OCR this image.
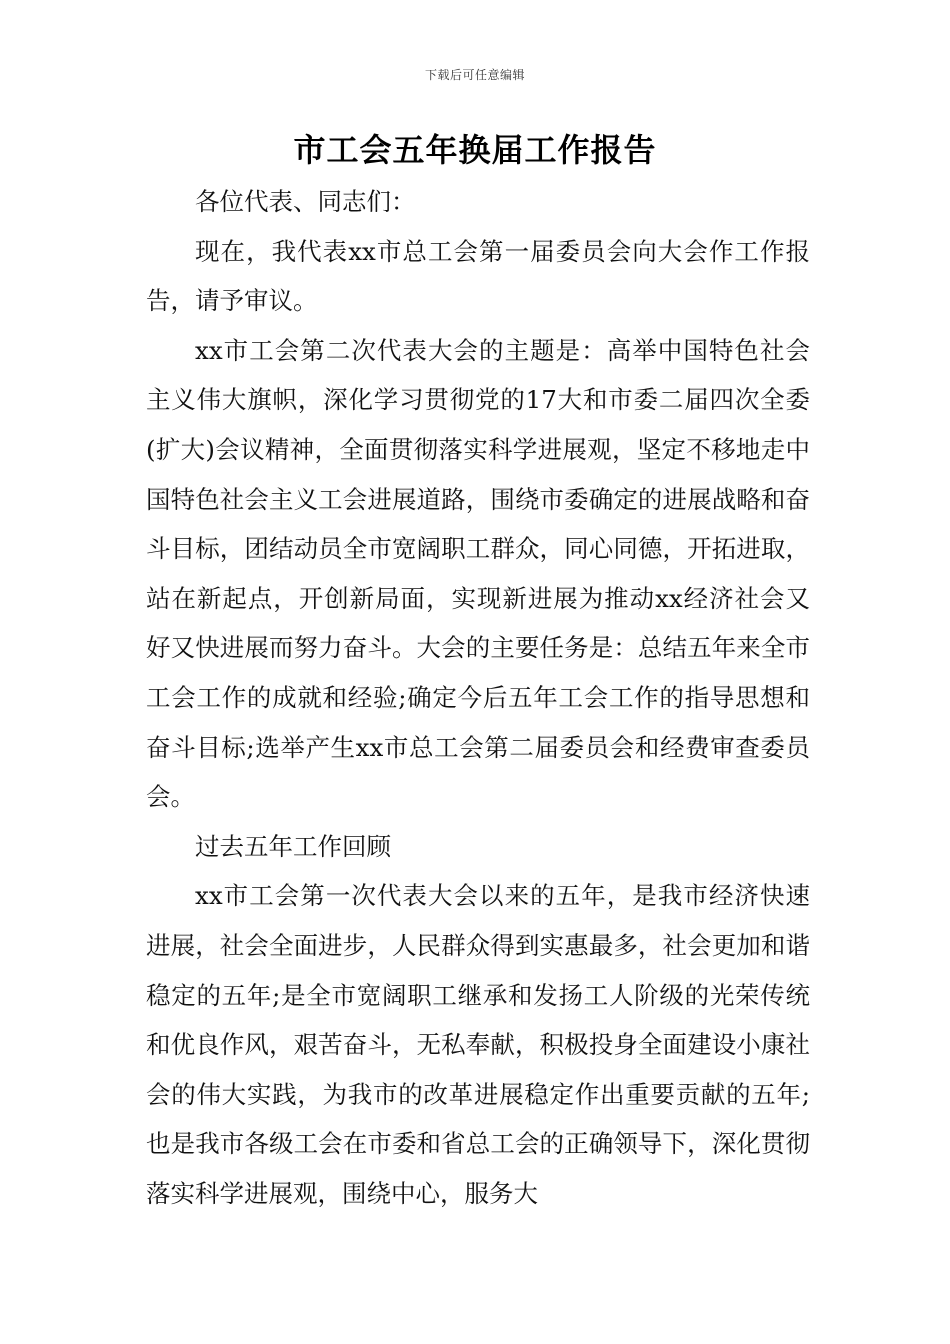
下载后可任意编辑
市工会五年换届工作报告

各位代表、同志们：

现在，我代表xx市总工会第一届委员会向大会作工作报告，请予审议。

xx市工会第二次代表大会的主题是：高举中国特色社会主义伟大旗帜，深化学习贯彻党的17大和市委二届四次全委(扩大)会议精神，全面贯彻落实科学进展观，坚定不移地走中国特色社会主义工会进展道路，围绕市委确定的进展战略和奋斗目标，团结动员全市宽阔职工群众，同心同德，开拓进取，站在新起点，开创新局面，实现新进展为推动xx经济社会又好又快进展而努力奋斗。大会的主要任务是：总结五年来全市工会工作的成就和经验;确定今后五年工会工作的指导思想和奋斗目标;选举产生xx市总工会第二届委员会和经费审查委员会。

过去五年工作回顾

xx市工会第一次代表大会以来的五年，是我市经济快速进展，社会全面进步，人民群众得到实惠最多，社会更加和谐稳定的五年;是全市宽阔职工继承和发扬工人阶级的光荣传统和优良作风，艰苦奋斗，无私奉献，积极投身全面建设小康社会的伟大实践，为我市的改革进展稳定作出重要贡献的五年;也是我市各级工会在市委和省总工会的正确领导下，深化贯彻落实科学进展观，围绕中心，服务大
